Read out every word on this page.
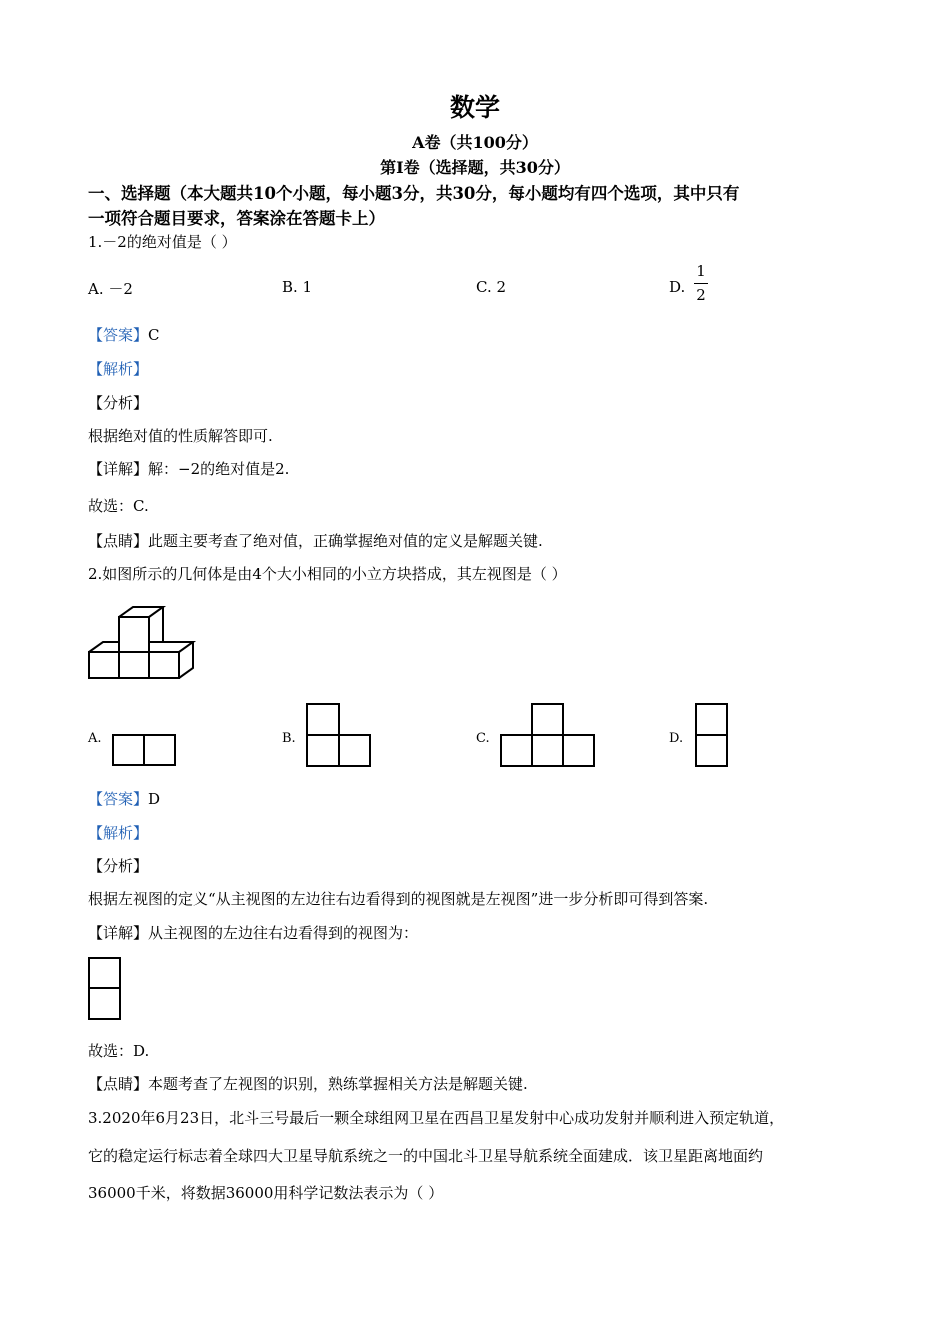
数学
A卷（共100分）
第Ⅰ卷（选择题，共30分）
一、选择题（本大题共10个小题，每小题3分，共30分，每小题均有四个选项，其中只有
一项符合题目要求，答案涂在答题卡上）
1.－2的绝对值是（ ）
A. －2	B. 1	C. 2	D.
1
2
【答案】C
【解析】
【分析】
根据绝对值的性质解答即可.
【详解】解：−2的绝对值是2.
故选：C.
【点睛】此题主要考查了绝对值，正确掌握绝对值的定义是解题关键.
2.如图所示的几何体是由4个大小相同的小立方块搭成，其左视图是（ ）
A.	B.	C.	D.
【答案】D
【解析】
【分析】
根据左视图的定义“从主视图的左边往右边看得到的视图就是左视图”进一步分析即可得到答案.
【详解】从主视图的左边往右边看得到的视图为：
故选：D.
【点睛】本题考查了左视图的识别，熟练掌握相关方法是解题关键.
3.2020年6月23日，北斗三号最后一颗全球组网卫星在西昌卫星发射中心成功发射并顺利进入预定轨道，
它的稳定运行标志着全球四大卫星导航系统之一的中国北斗卫星导航系统全面建成．该卫星距离地面约
36000千米，将数据36000用科学记数法表示为（ ）
